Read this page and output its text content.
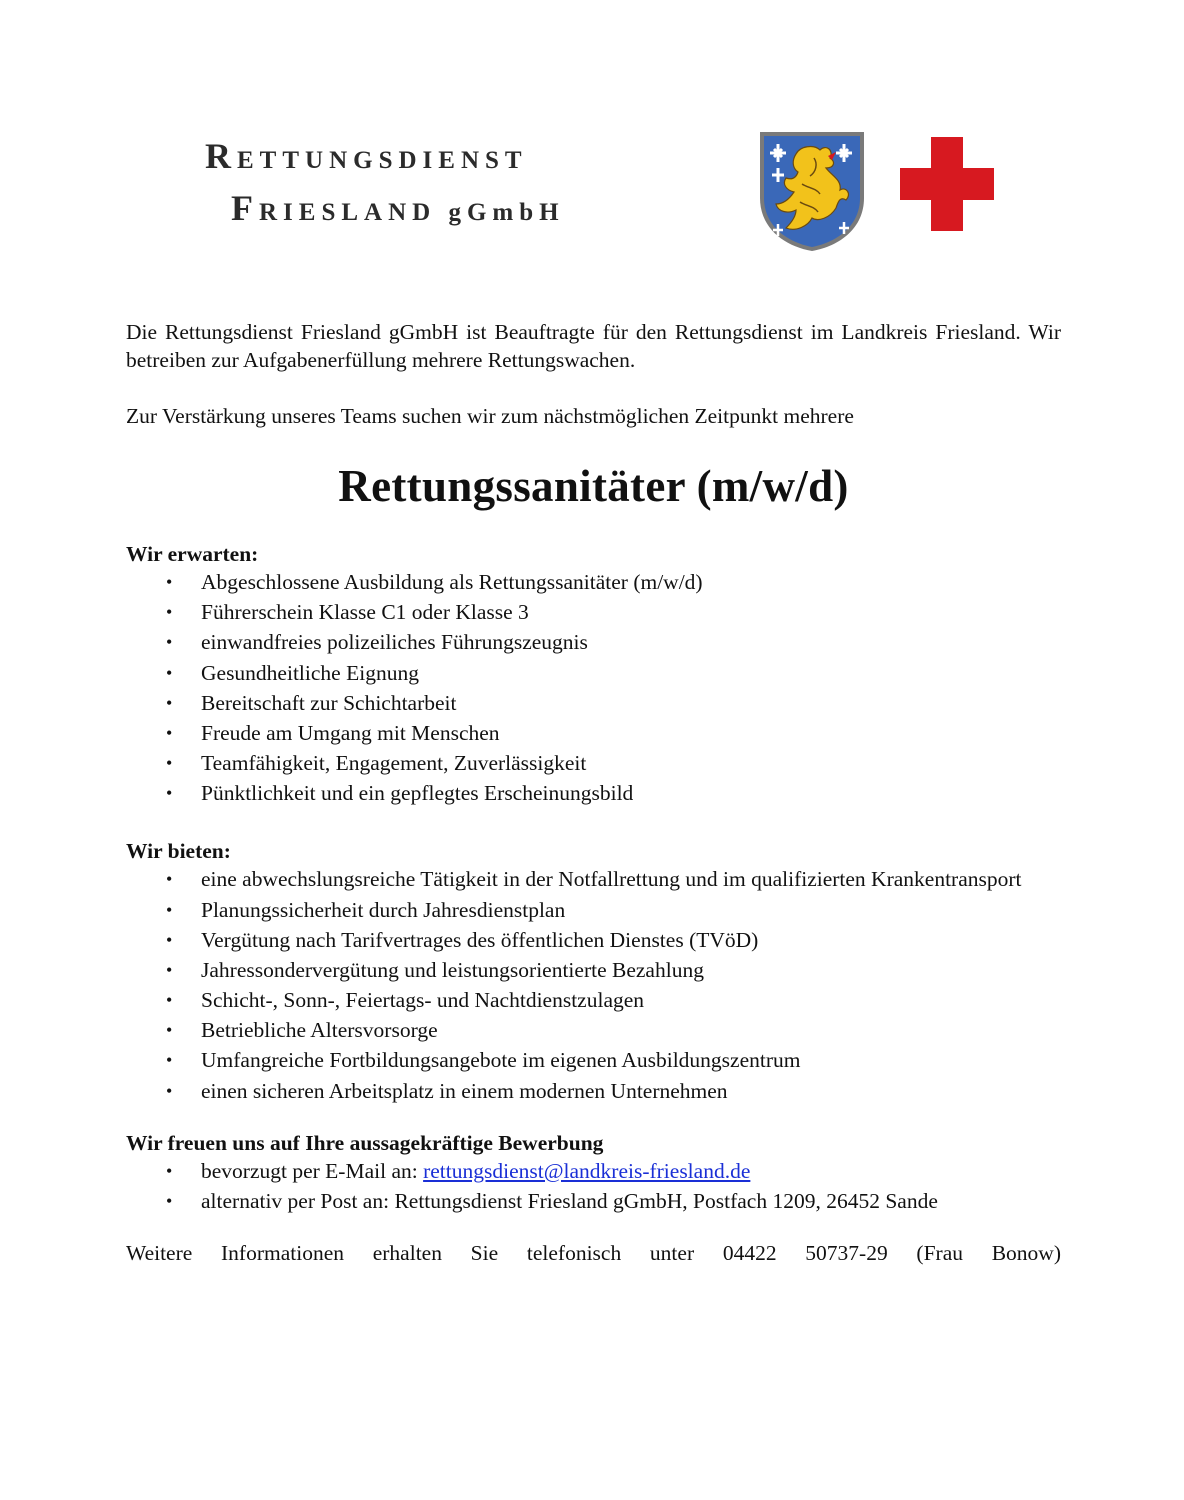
RETTUNGSDIENST
FRIESLAND gGmbH

Die Rettungsdienst Friesland gGmbH ist Beauftragte für den Rettungsdienst im Landkreis Friesland. Wir betreiben zur Aufgabenerfüllung mehrere Rettungswachen.

Zur Verstärkung unseres Teams suchen wir zum nächstmöglichen Zeitpunkt mehrere

Rettungssanitäter (m/w/d)

Wir erwarten:

• Abgeschlossene Ausbildung als Rettungssanitäter (m/w/d)
• Führerschein Klasse C1 oder Klasse 3
• einwandfreies polizeiliches Führungszeugnis
• Gesundheitliche Eignung
• Bereitschaft zur Schichtarbeit
• Freude am Umgang mit Menschen
• Teamfähigkeit, Engagement, Zuverlässigkeit
• Pünktlichkeit und ein gepflegtes Erscheinungsbild

Wir bieten:

• eine abwechslungsreiche Tätigkeit in der Notfallrettung und im qualifizierten Krankentransport
• Planungssicherheit durch Jahresdienstplan
• Vergütung nach Tarifvertrages des öffentlichen Dienstes (TVöD)
• Jahressondervergütung und leistungsorientierte Bezahlung
• Schicht-, Sonn-, Feiertags- und Nachtdienstzulagen
• Betriebliche Altersvorsorge
• Umfangreiche Fortbildungsangebote im eigenen Ausbildungszentrum
• einen sicheren Arbeitsplatz in einem modernen Unternehmen

Wir freuen uns auf Ihre aussagekräftige Bewerbung

• bevorzugt per E-Mail an: rettungsdienst@landkreis-friesland.de
• alternativ per Post an: Rettungsdienst Friesland gGmbH, Postfach 1209, 26452 Sande

Weitere Informationen erhalten Sie telefonisch unter 04422 50737-29 (Frau Bonow)
